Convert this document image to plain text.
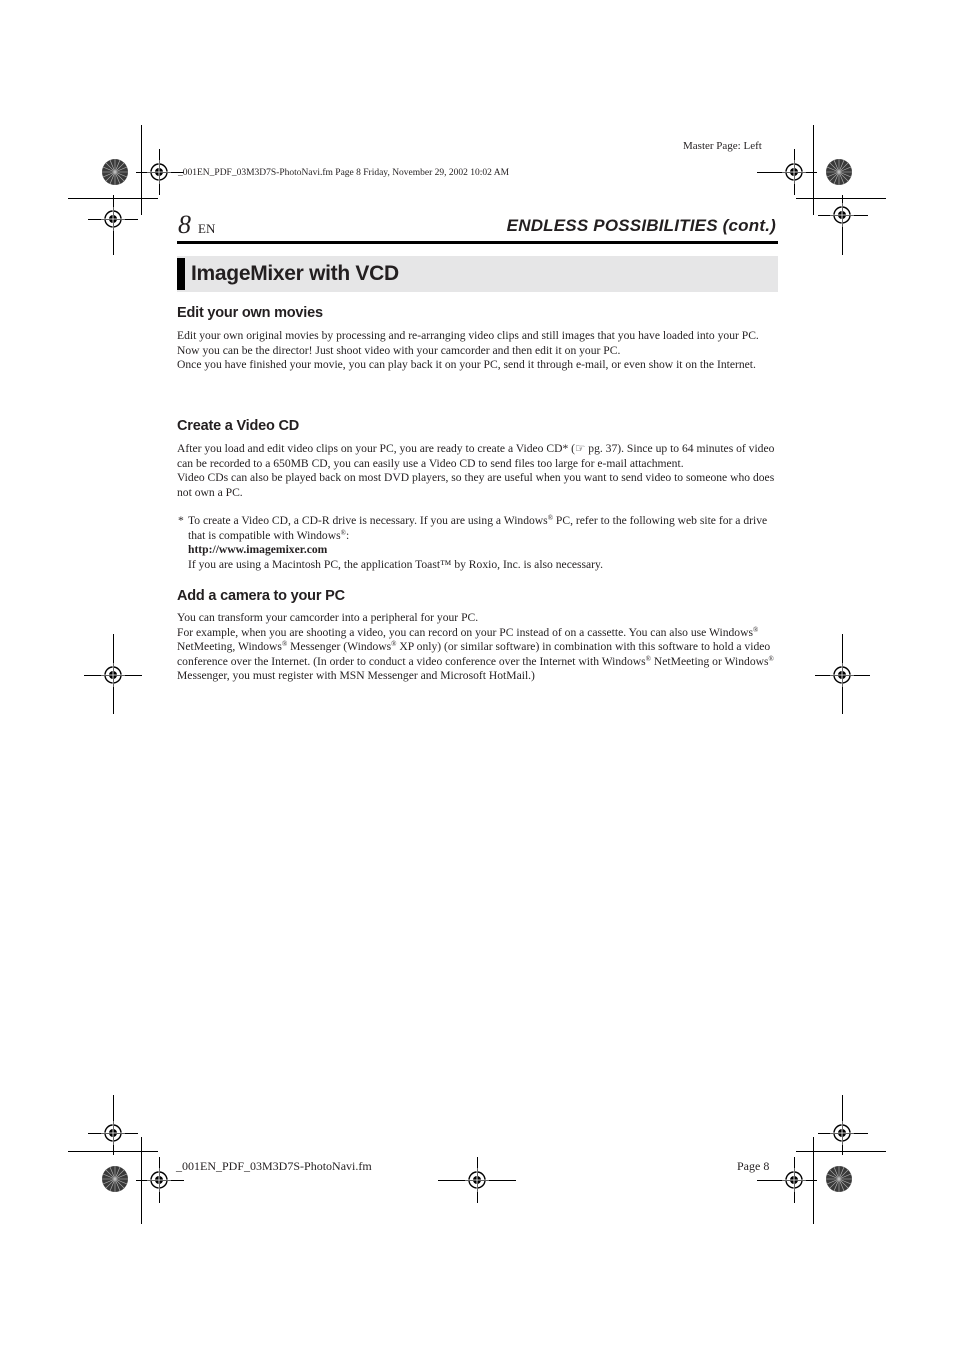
Master Page: Left
_001EN_PDF_03M3D7S-PhotoNavi.fm Page 8 Friday, November 29, 2002 10:02 AM
8 EN	ENDLESS POSSIBILITIES (cont.)
ImageMixer with VCD
Edit your own movies

Edit your own original movies by processing and re-arranging video clips and still images that you have loaded into your PC. Now you can be the director! Just shoot video with your camcorder and then edit it on your PC.

Once you have finished your movie, you can play back it on your PC, send it through e-mail, or even show it on the Internet.

Create a Video CD

After you load and edit video clips on your PC, you are ready to create a Video CD* (☞ pg. 37). Since up to 64 minutes of video can be recorded to a 650MB CD, you can easily use a Video CD to send files too large for e-mail attachment.

Video CDs can also be played back on most DVD players, so they are useful when you want to send video to someone who does not own a PC.

* To create a Video CD, a CD-R drive is necessary. If you are using a Windows® PC, refer to the following web site for a drive that is compatible with Windows®:
http://www.imagemixer.com
If you are using a Macintosh PC, the application Toast™ by Roxio, Inc. is also necessary.
Add a camera to your PC

You can transform your camcorder into a peripheral for your PC.

For example, when you are shooting a video, you can record on your PC instead of on a cassette. You can also use Windows® NetMeeting, Windows® Messenger (Windows® XP only) (or similar software) in combination with this software to hold a video conference over the Internet. (In order to conduct a video conference over the Internet with Windows® NetMeeting or Windows® Messenger, you must register with MSN Messenger and Microsoft HotMail.)

_001EN_PDF_03M3D7S-PhotoNavi.fm	Page 8
